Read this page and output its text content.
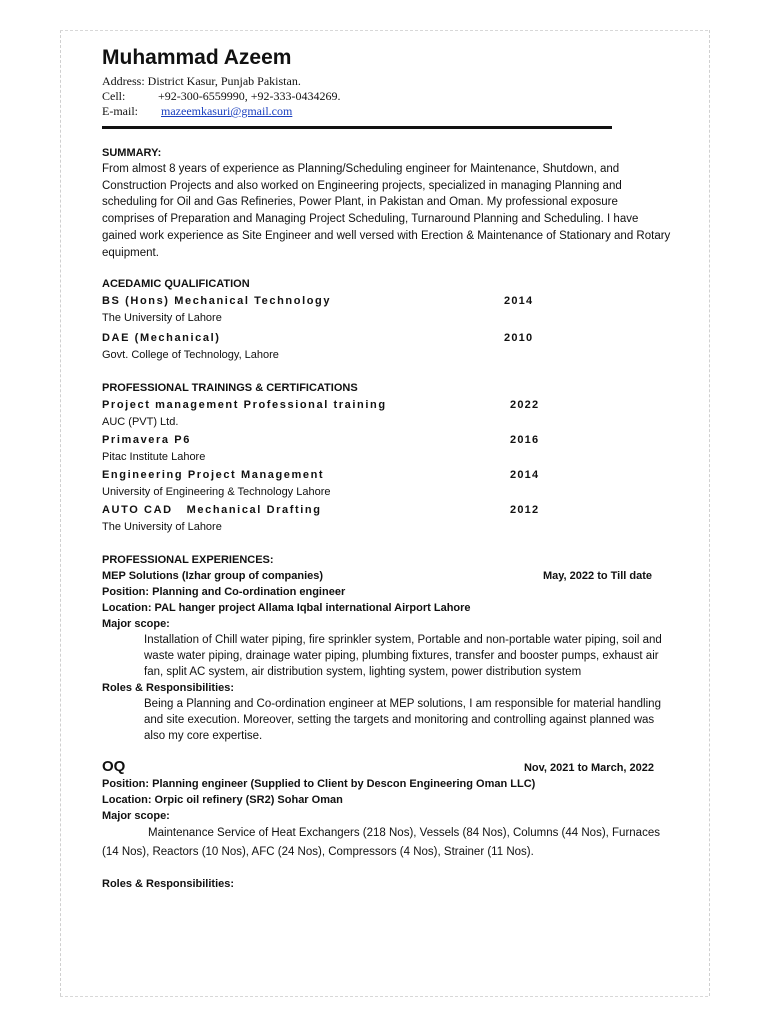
Muhammad Azeem
Address: District Kasur, Punjab Pakistan.
Cell:	+92-300-6559990, +92-333-0434269.
E-mail: mazeemkasuri@gmail.com
SUMMARY:
From almost 8 years of experience as Planning/Scheduling engineer for Maintenance, Shutdown, and Construction Projects and also worked on Engineering projects, specialized in managing Planning and scheduling for Oil and Gas Refineries, Power Plant, in Pakistan and Oman. My professional exposure comprises of Preparation and Managing Project Scheduling, Turnaround Planning and Scheduling. I have gained work experience as Site Engineer and well versed with Erection & Maintenance of Stationary and Rotary equipment.
ACEDAMIC QUALIFICATION
BS (Hons) Mechanical Technology	2014
The University of Lahore
DAE (Mechanical)	2010
Govt. College of Technology, Lahore
PROFESSIONAL TRAININGS & CERTIFICATIONS
Project management Professional training	2022
AUC (PVT) Ltd.
Primavera P6	2016
Pitac Institute Lahore
Engineering Project Management	2014
University of Engineering & Technology Lahore
AUTO CAD   Mechanical Drafting	2012
The University of Lahore
PROFESSIONAL EXPERIENCES:
MEP Solutions (Izhar group of companies)	May, 2022 to Till date
Position: Planning and Co-ordination engineer
Location: PAL hanger project Allama Iqbal international Airport Lahore
Major scope:
Installation of Chill water piping, fire sprinkler system, Portable and non-portable water piping, soil and waste water piping, drainage water piping, plumbing fixtures, transfer and booster pumps, exhaust air fan, split AC system, air distribution system, lighting system, power distribution system
Roles & Responsibilities:
Being a Planning and Co-ordination engineer at MEP solutions, I am responsible for material handling and site execution. Moreover, setting the targets and monitoring and controlling against planned was also my core expertise.
OQ	Nov, 2021 to March, 2022
Position: Planning engineer (Supplied to Client by Descon Engineering Oman LLC)
Location: Orpic oil refinery (SR2) Sohar Oman
Major scope:
Maintenance Service of Heat Exchangers (218 Nos), Vessels (84 Nos), Columns (44 Nos), Furnaces (14 Nos), Reactors (10 Nos), AFC (24 Nos), Compressors (4 Nos), Strainer (11 Nos).
Roles & Responsibilities:
